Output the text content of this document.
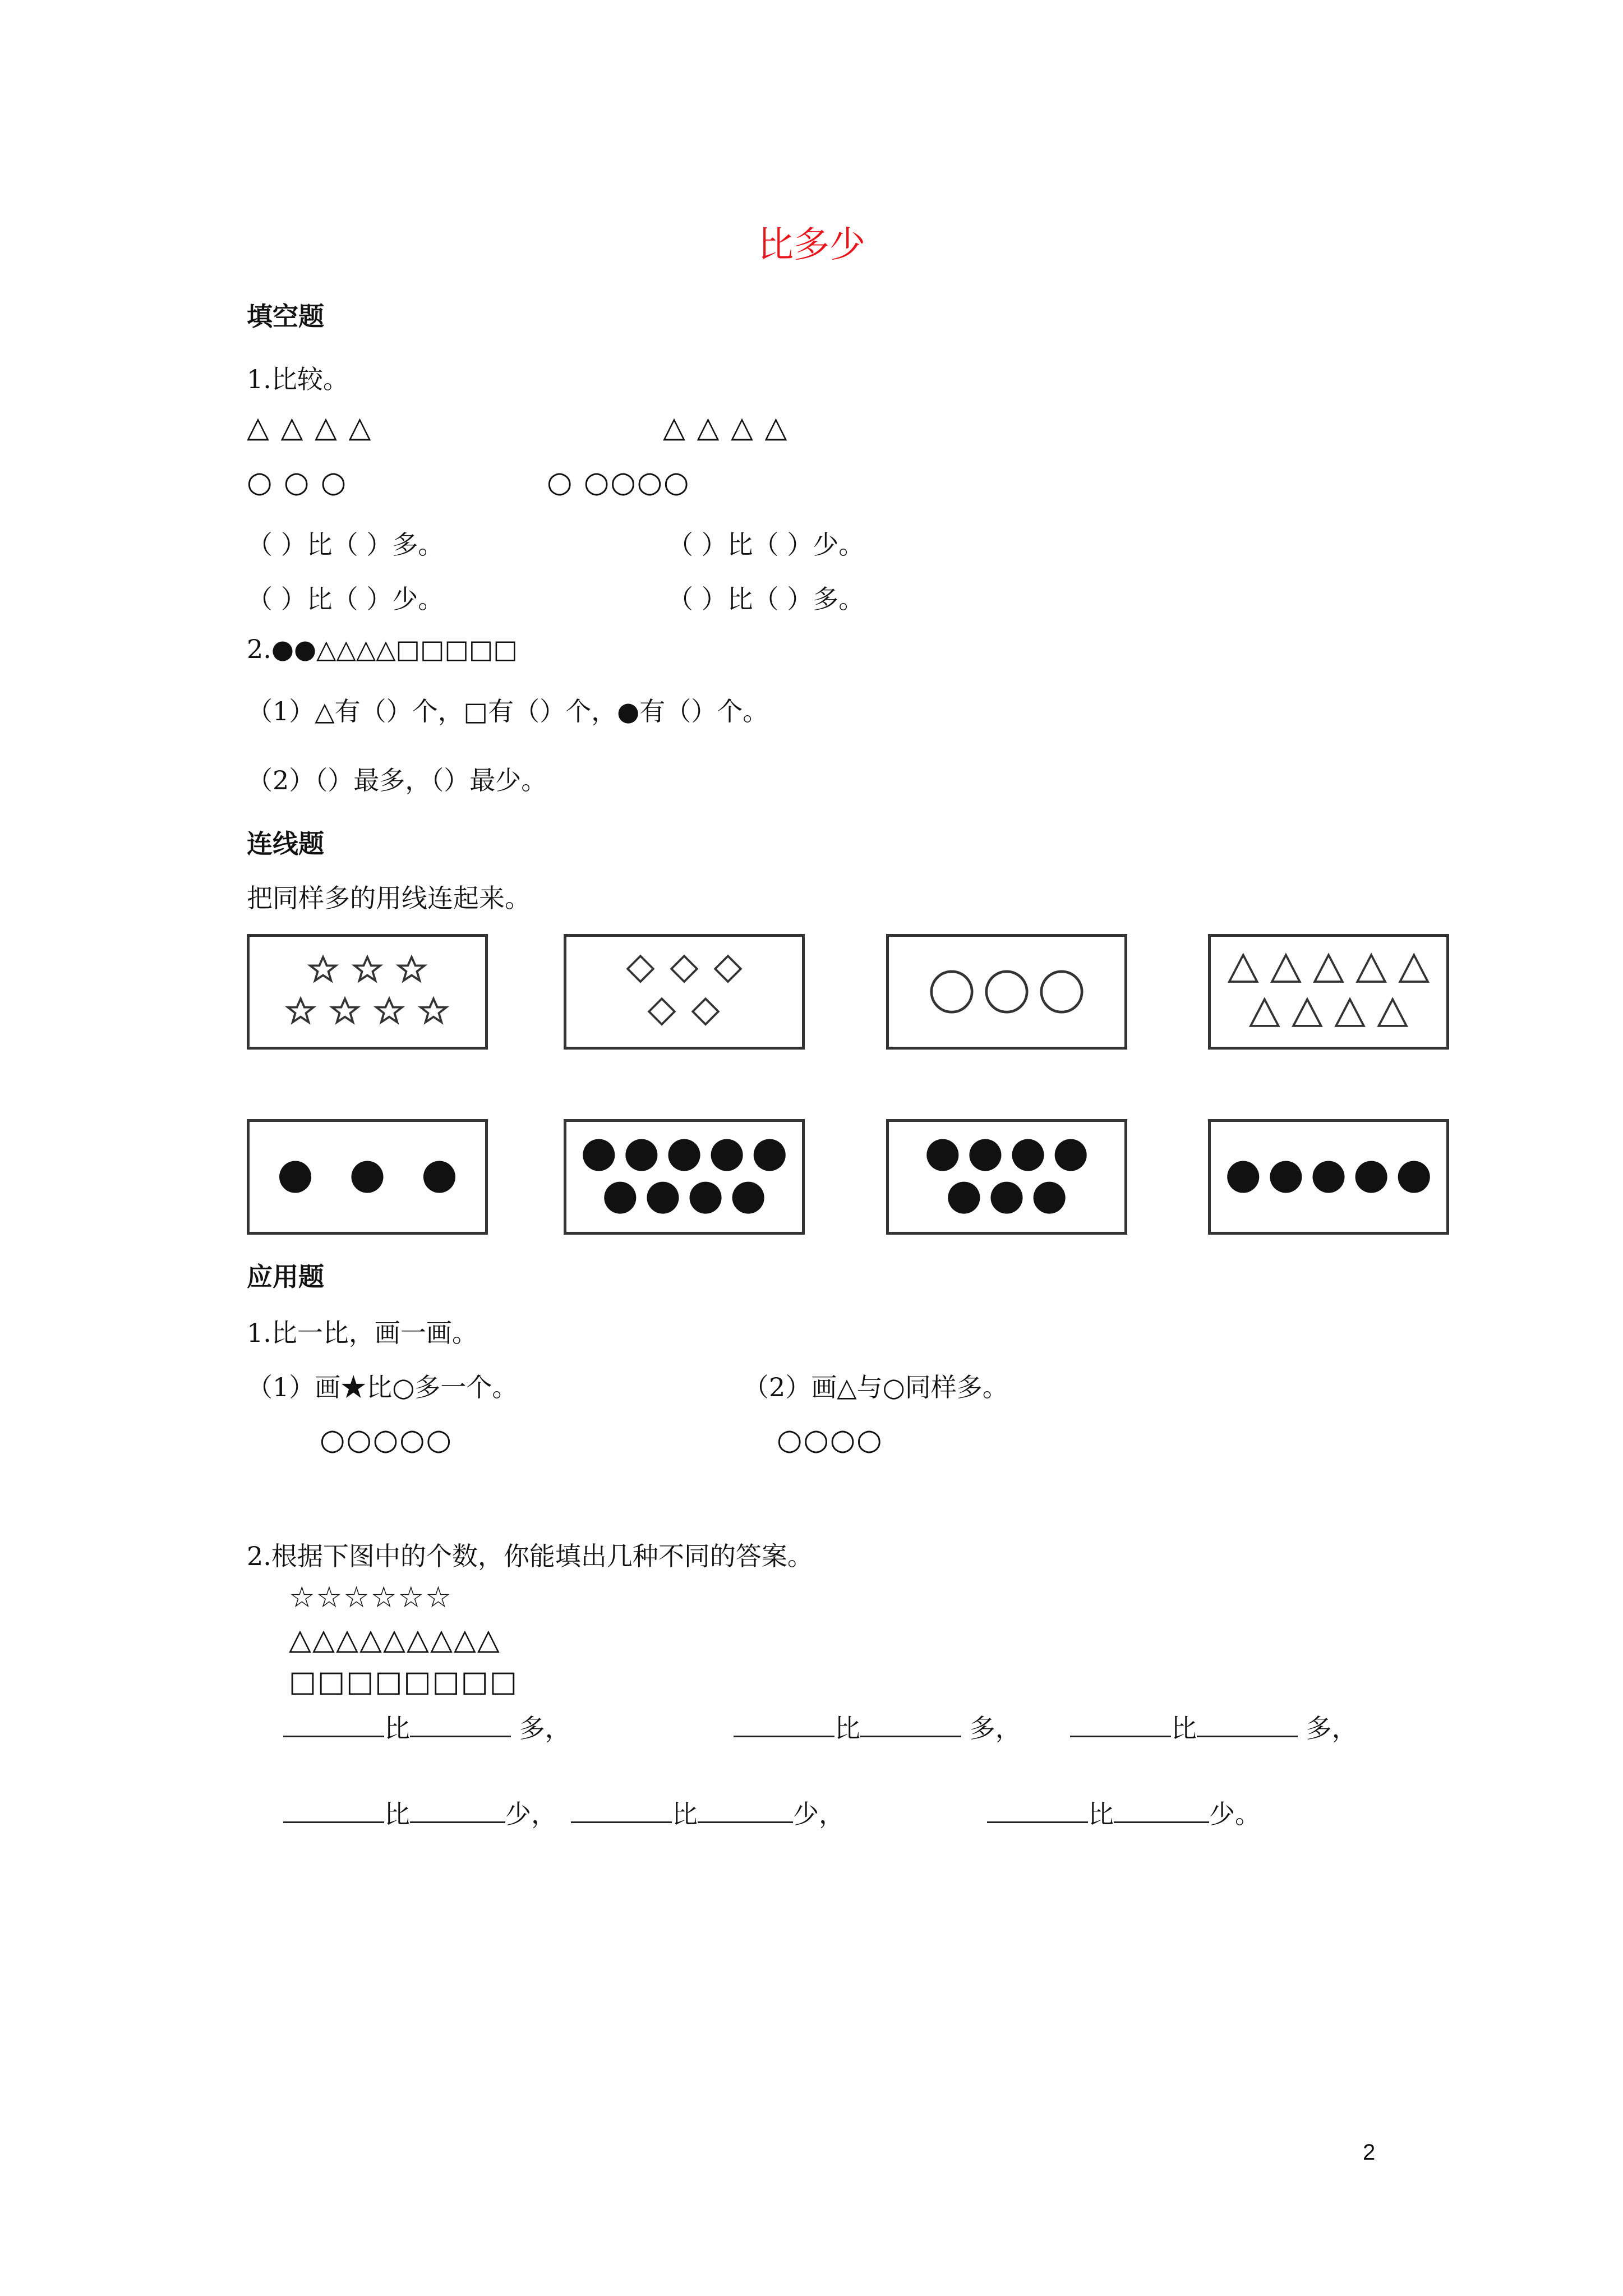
比多少
填空题
1.比较。
△ △ △ △	△ △ △ △
○ ○ ○	○ ○○○○
（ ）比（ ）多。	（ ）比（ ）少。
（ ）比（ ）少。	（ ）比（ ）多。
2.●●△△△△□□□□□
（1）△有（）个，□有（）个，●有（）个。
（2）（）最多，（）最少。
连线题
把同样多的用线连起来。
应用题
1.比一比，画一画。
（1）画★比○多一个。
○○○○○
（2）画△与○同样多。
○○○○
2.根据下图中的个数，你能填出几种不同的答案。
☆☆☆☆☆☆
△△△△△△△△△
□□□□□□□□
比	多，	比	多，	比	多，
比	少，	比	少，	比	少。
2
